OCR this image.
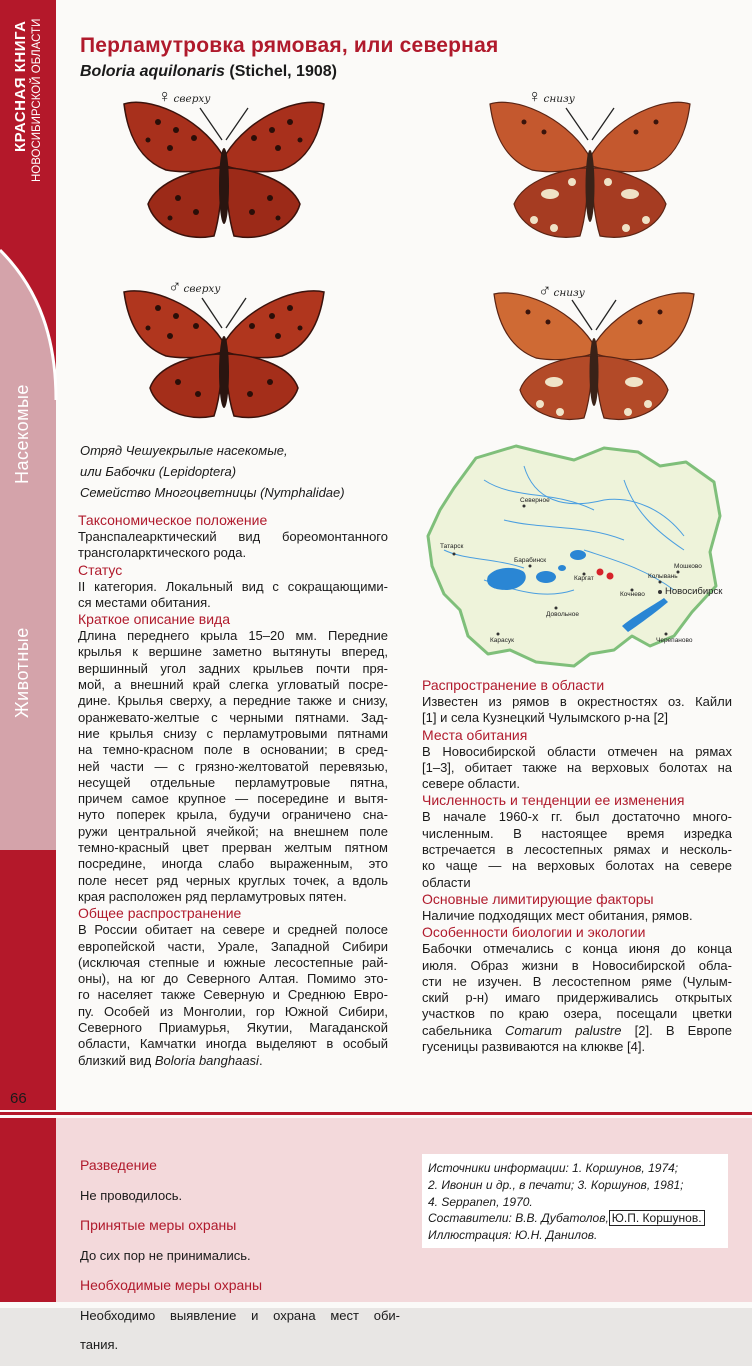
КРАСНАЯ КНИГА НОВОСИБИРСКОЙ ОБЛАСТИ
Насекомые
Животные
66
Перламутровка рямовая, или северная
Boloria aquilonaris (Stichel, 1908)
♀ сверху	♀ снизу
♂ сверху	♂ снизу
Отряд Чешуекрылые насекомые,
или Бабочки (Lepidoptera)
Семейство Многоцветницы (Nymphalidae)

Таксономическое положение

Транспалеарктический вид бореомонтанного

трансголарктического рода.

Статус

II категория. Локальный вид с сокращающими-

ся местами обитания.

Краткое описание вида

Длина переднего крыла 15–20 мм. Передние

крылья к вершине заметно вытянуты вперед,

вершинный угол задних крыльев почти пря-

мой, а внешний край слегка угловатый посре-

дине. Крылья сверху, а передние также и снизу,

оранжевато-желтые с черными пятнами. Зад-

ние крылья снизу с перламутровыми пятнами

на темно-красном поле в основании; в сред-

ней части — с грязно-желтоватой перевязью,

несущей отдельные перламутровые пятна,

причем самое крупное — посередине и вытя-

нуто поперек крыла, будучи ограничено сна-

ружи центральной ячейкой; на внешнем поле

темно-красный цвет прерван желтым пятном

посредине, иногда слабо выраженным, это

поле несет ряд черных круглых точек, а вдоль

края расположен ряд перламутровых пятен.

Общее распространение

В России обитает на севере и средней полосе

европейской части, Урале, Западной Сибири

(исключая степные и южные лесостепные рай-

оны), на юг до Северного Алтая. Помимо это-

го населяет также Северную и Среднюю Евро-

пу. Особей из Монголии, гор Южной Сибири,

Северного Приамурья, Якутии, Магаданской

области, Камчатки иногда выделяют в особый

близкий вид Boloria banghaasi.

Северное
Татарск
Барабинск
Каргат
Мошково
Колывань
Кочнево Новосибирск
Довольное
Карасук	Черепаново

Распространение в области

Известен из рямов в окрестностях оз. Кайли

[1] и села Кузнецкий Чулымского р-на [2]

Места обитания

В Новосибирской области отмечен на рямах

[1–3], обитает также на верховых болотах на

севере области.

Численность и тенденции ее изменения

В начале 1960-х гг. был достаточно много-

численным. В настоящее время изредка

встречается в лесостепных рямах и несколь-

ко чаще — на верховых болотах на севере

области

Основные лимитирующие факторы

Наличие подходящих мест обитания, рямов.

Особенности биологии и экологии

Бабочки отмечались с конца июня до конца

июля. Образ жизни в Новосибирской обла-

сти не изучен. В лесостепном ряме (Чулым-

ский р-н) имаго придерживались открытых

участков по краю озера, посещали цветки

сабельника Comarum palustre [2]. В Европе

гусеницы развиваются на клюкве [4].

Разведение

Не проводилось.

Принятые меры охраны

До сих пор не принимались.

Необходимые меры охраны

Необходимо выявление и охрана мест оби-

тания.

Источники информации: 1. Коршунов, 1974;
2. Ивонин и др., в печати; 3. Коршунов, 1981;
4. Seppanen, 1970.
Составители: В.В. Дубатолов, Ю.П. Коршунов.
Иллюстрация: Ю.Н. Данилов.
